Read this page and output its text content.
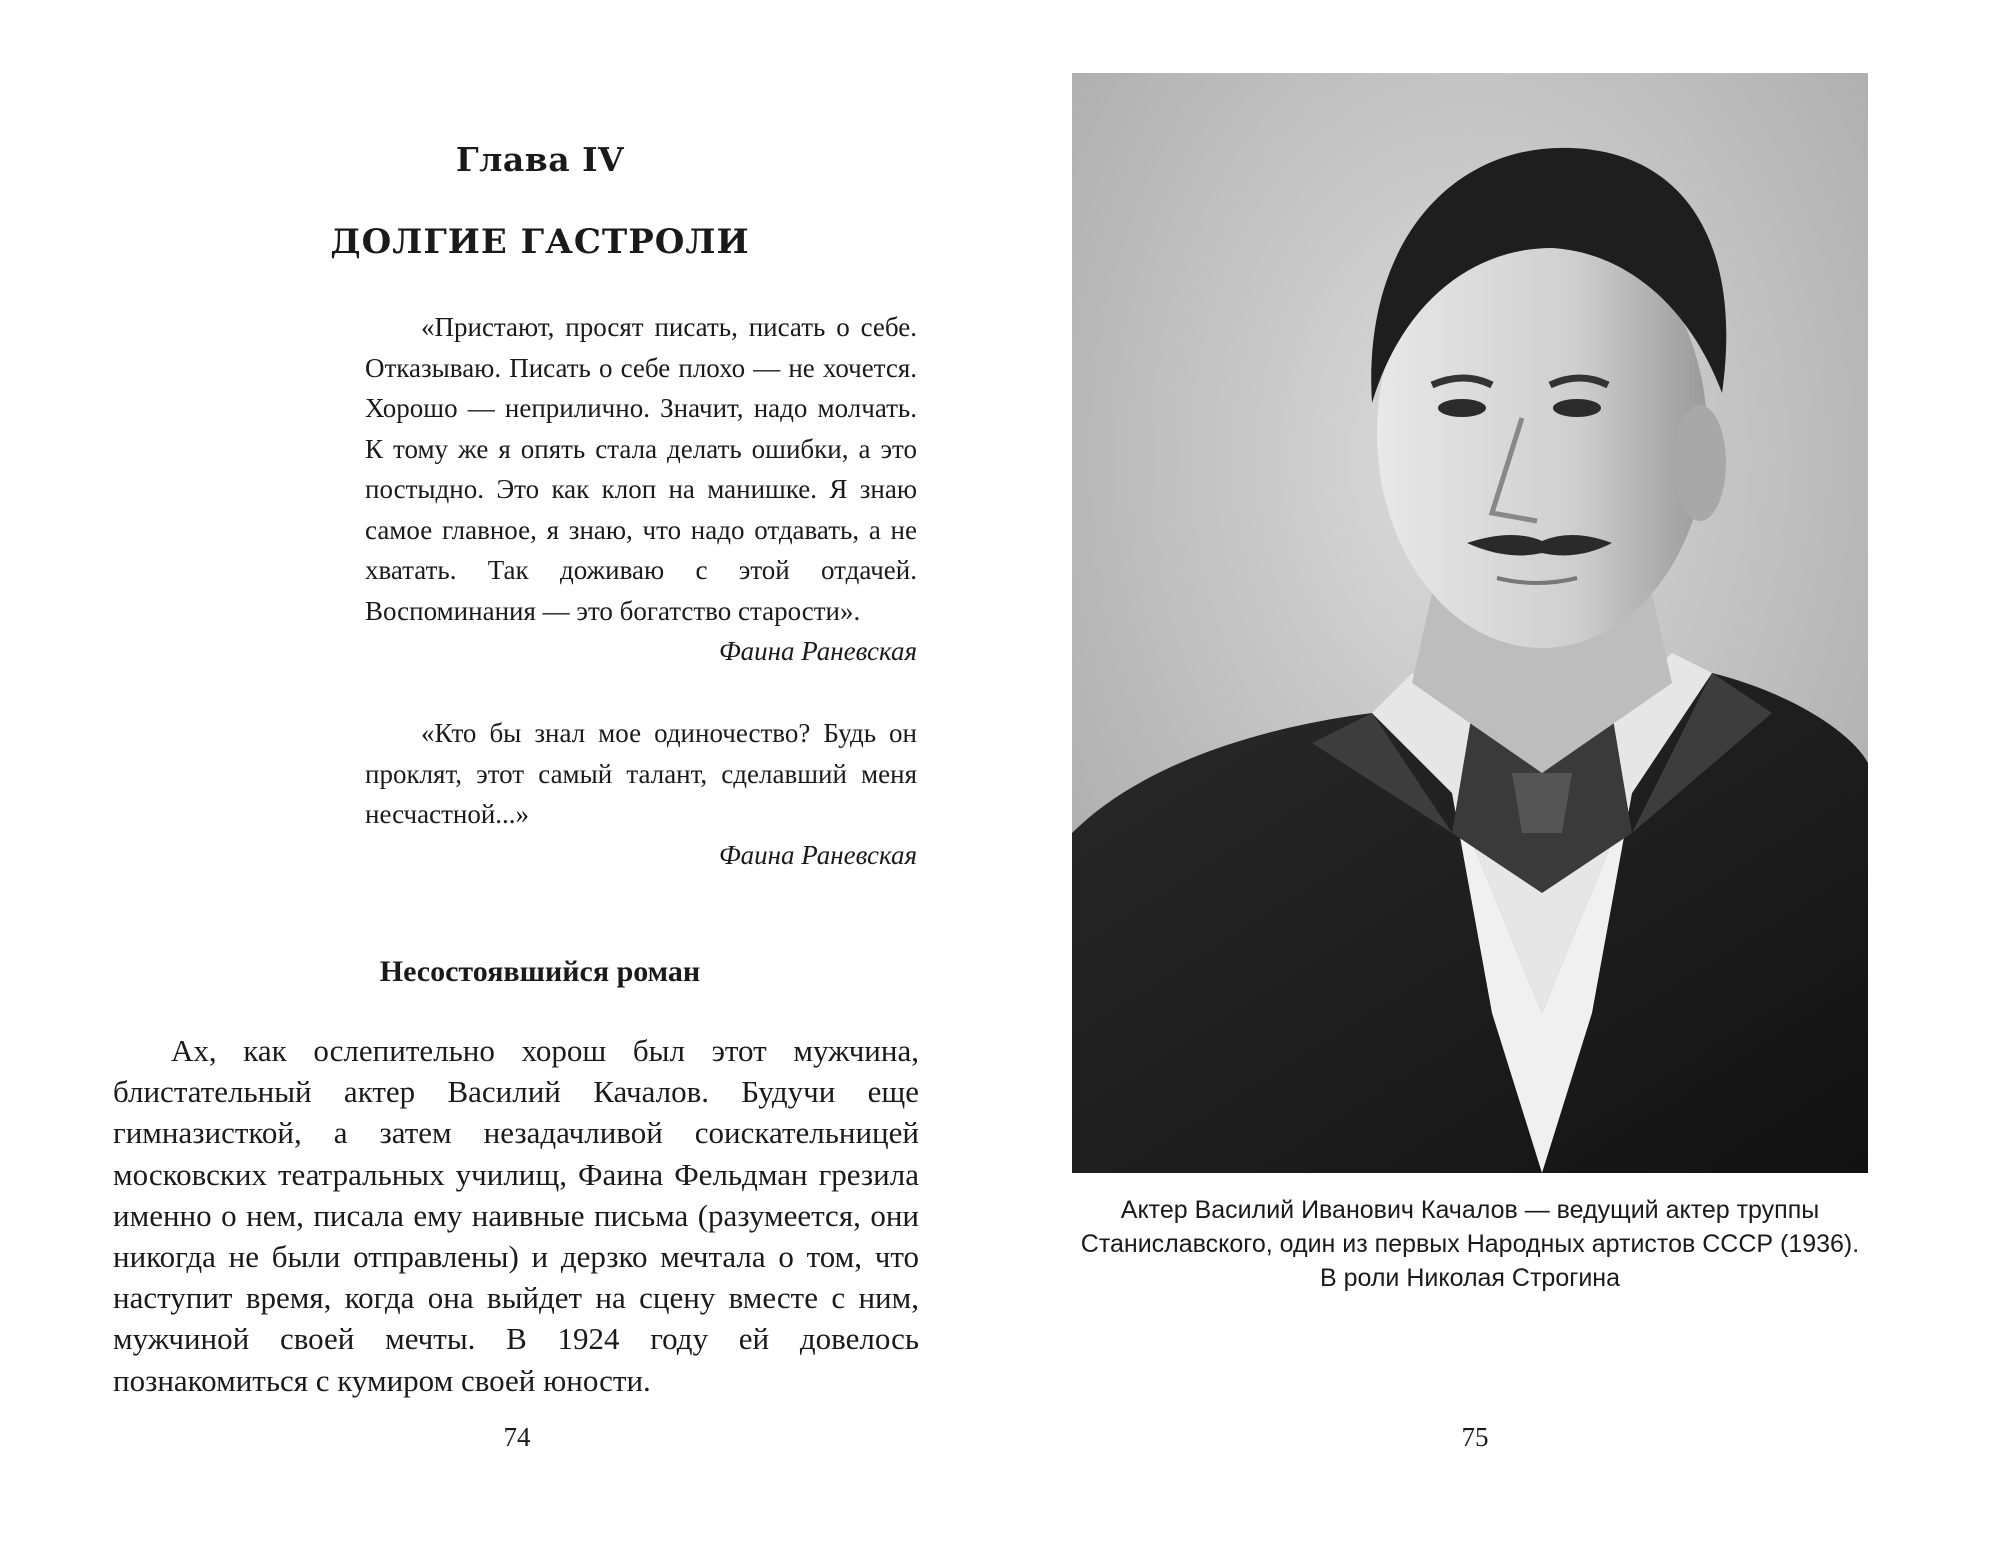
Глава IV
ДОЛГИЕ ГАСТРОЛИ

«Пристают, просят писать, писать о себе. Отказываю. Писать о себе плохо — не хочется. Хорошо — неприлично. Значит, надо молчать. К тому же я опять стала делать ошибки, а это постыдно. Это как клоп на манишке. Я знаю самое главное, я знаю, что надо отдавать, а не хватать. Так доживаю с этой отдачей. Воспоминания — это богатство старости».

Фаина Раневская

«Кто бы знал мое одиночество? Будь он проклят, этот самый талант, сделавший меня несчастной...»

Фаина Раневская

Несостоявшийся роман

Ах, как ослепительно хорош был этот мужчина, блистательный актер Василий Качалов. Будучи еще гимназисткой, а затем незадачливой соискательницей московских театральных училищ, Фаина Фельдман грезила именно о нем, писала ему наивные письма (разумеется, они никогда не были отправлены) и дерзко мечтала о том, что наступит время, когда она выйдет на сцену вместе с ним, мужчиной своей мечты. В 1924 году ей довелось познакомиться с кумиром своей юности.

74
Актер Василий Иванович Качалов — ведущий актер труппы
Станиславского, один из первых Народных артистов СССР (1936).
В роли Николая Строгина
75
